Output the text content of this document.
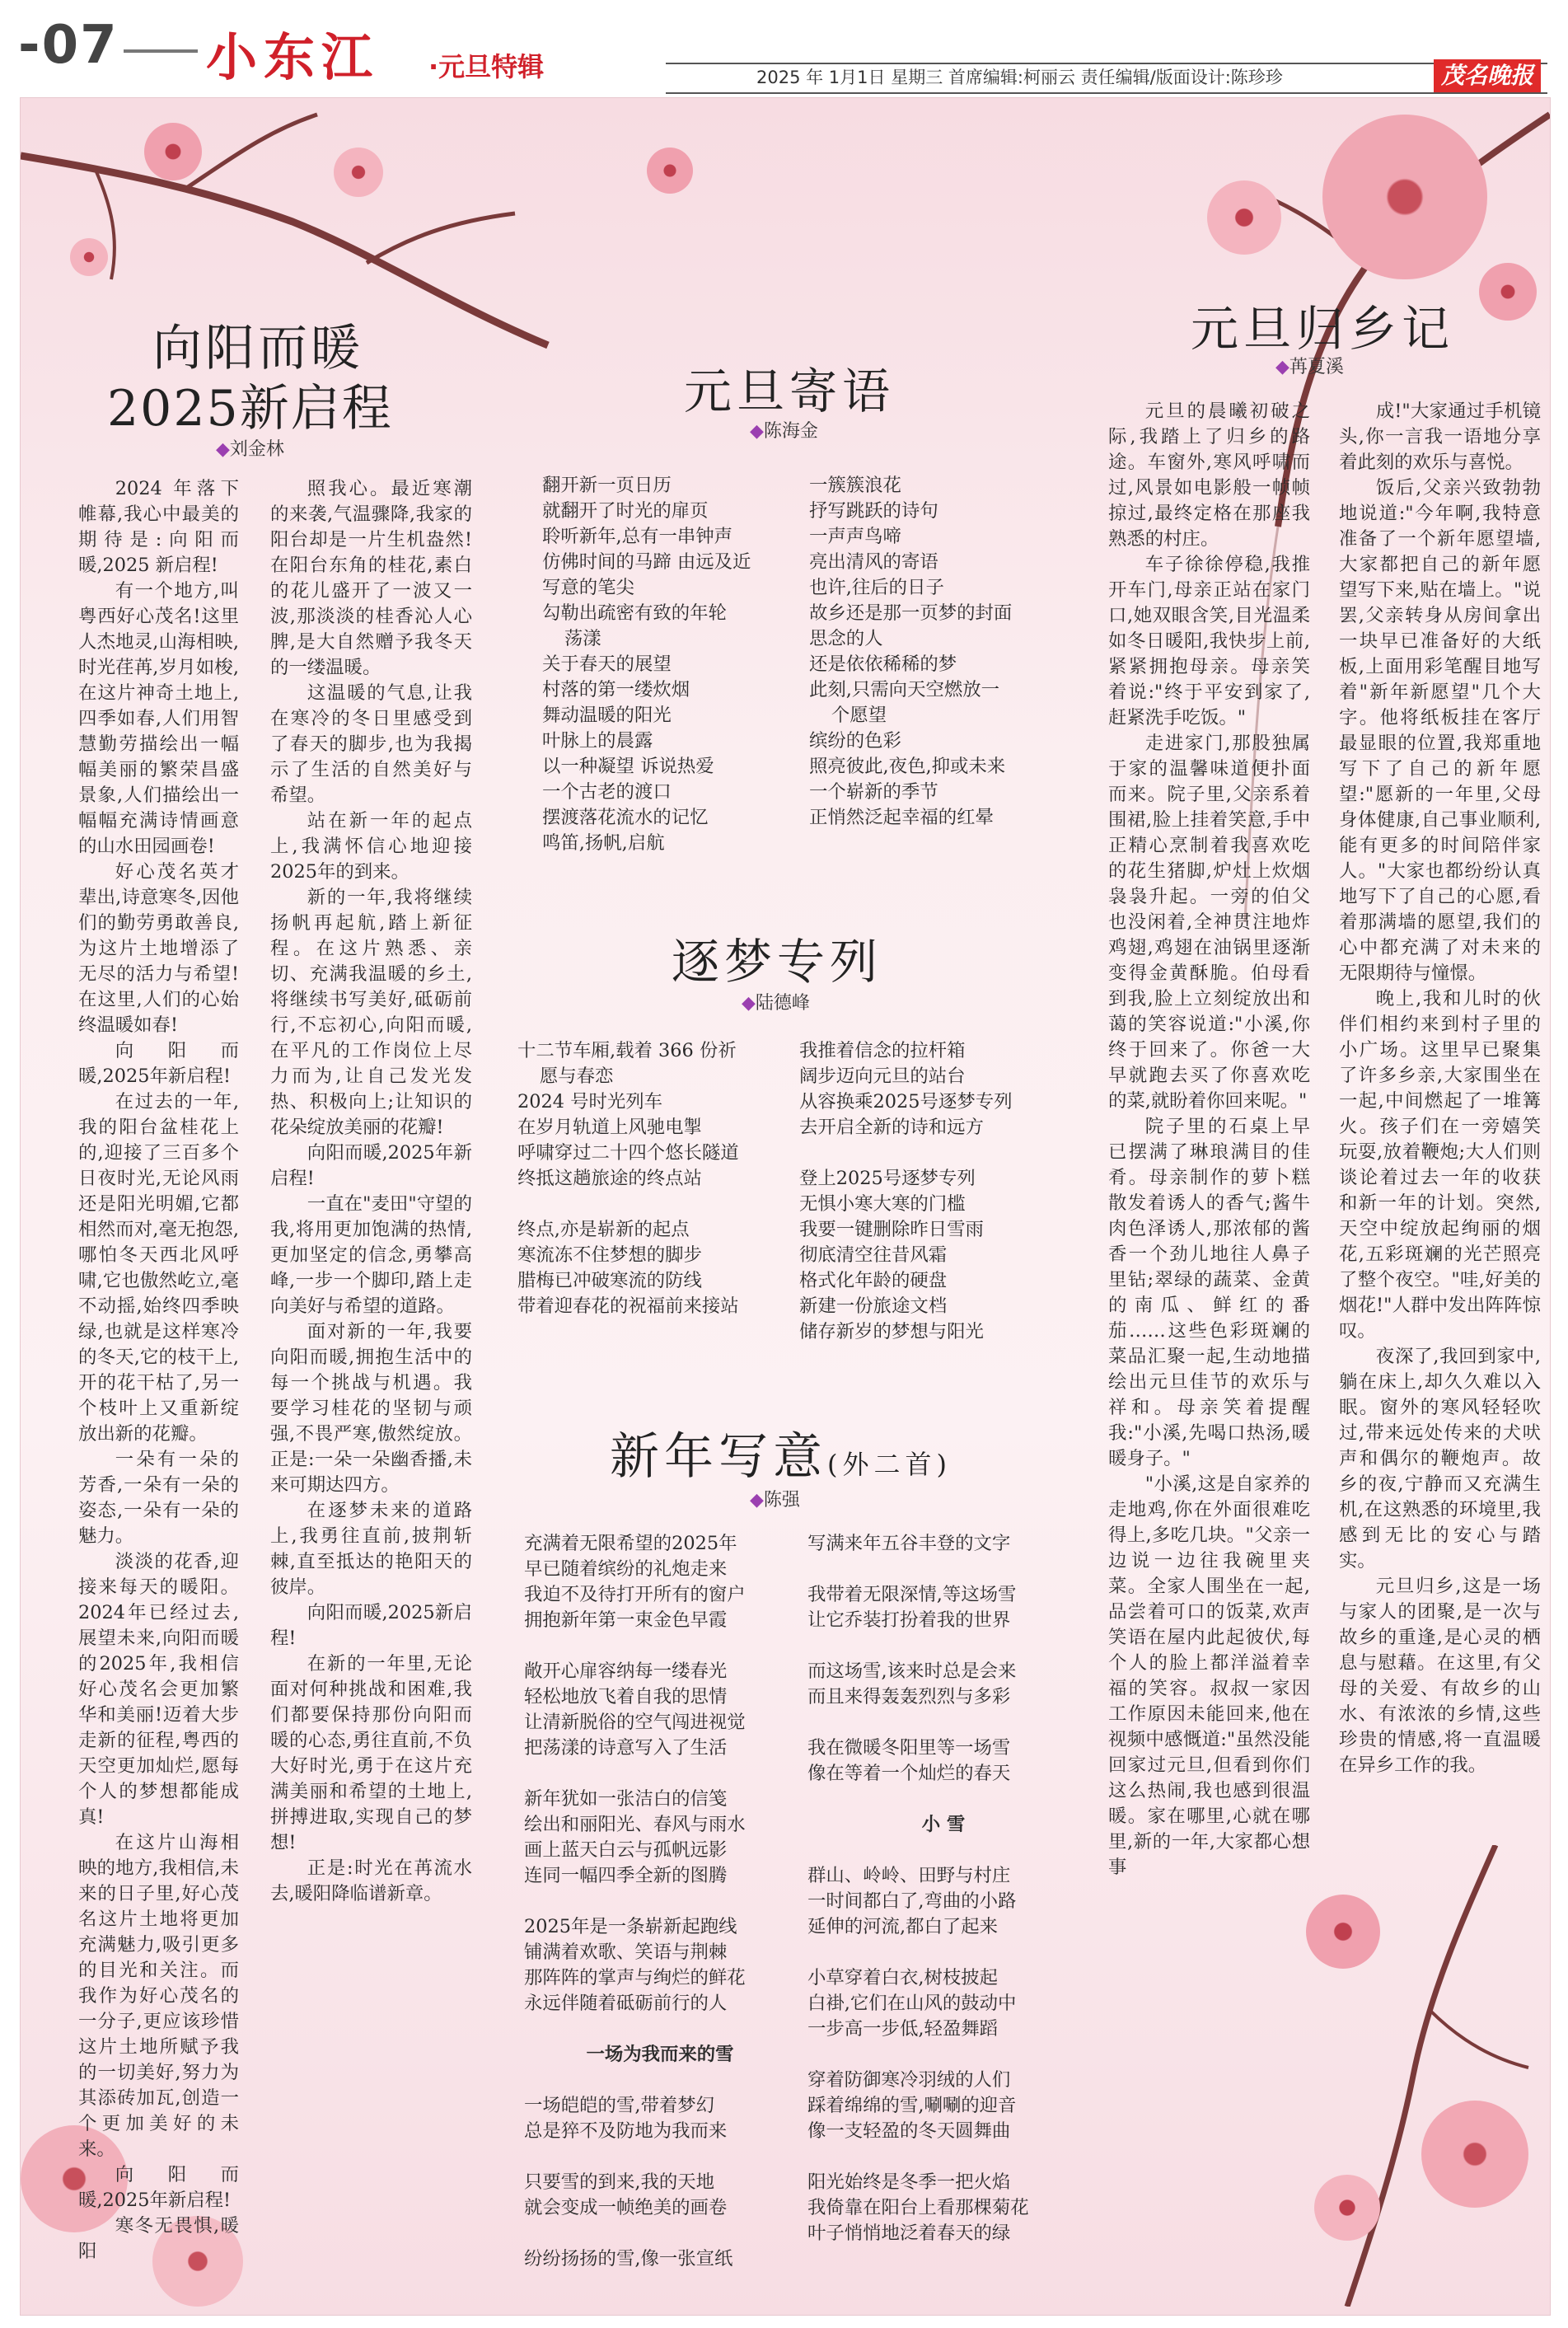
-07 小东江 ·元旦特辑	2025 年 1月1日 星期三 首席编辑:柯丽云 责任编辑/版面设计:陈珍珍	茂名晚报
向阳而暖
2025新启程
◆ 刘金林

2024 年落下帷幕,我心中最美的期待是:向阳而暖,2025 新启程!

有一个地方,叫粤西好心茂名!这里人杰地灵,山海相映,时光荏苒,岁月如梭,在这片神奇土地上,四季如春,人们用智慧勤劳描绘出一幅幅美丽的繁荣昌盛景象,人们描绘出一幅幅充满诗情画意的山水田园画卷!

好心茂名英才辈出,诗意寒冬,因他们的勤劳勇敢善良,为这片土地增添了无尽的活力与希望!在这里,人们的心始终温暖如春!

向阳而暖,2025年新启程!

在过去的一年,我的阳台盆桂花上的,迎接了三百多个日夜时光,无论风雨还是阳光明媚,它都相然而对,毫无抱怨,哪怕冬天西北风呼啸,它也傲然屹立,毫不动摇,始终四季映绿,也就是这样寒冷的冬天,它的枝干上,开的花干枯了,另一个枝叶上又重新绽放出新的花瓣。

一朵有一朵的芳香,一朵有一朵的姿态,一朵有一朵的魅力。

淡淡的花香,迎接来每天的暖阳。2024年已经过去,展望未来,向阳而暖的2025年,我相信好心茂名会更加繁华和美丽!迈着大步走新的征程,粤西的天空更加灿烂,愿每个人的梦想都能成真!

在这片山海相映的地方,我相信,未来的日子里,好心茂名这片土地将更加充满魅力,吸引更多的目光和关注。而我作为好心茂名的一分子,更应该珍惜这片土地所赋予我的一切美好,努力为其添砖加瓦,创造一个更加美好的未来。

向阳而暖,2025年新启程!

寒冬无畏惧,暖阳

照我心。最近寒潮的来袭,气温骤降,我家的阳台却是一片生机盎然!在阳台东角的桂花,素白的花儿盛开了一波又一波,那淡淡的桂香沁人心脾,是大自然赠予我冬天的一缕温暖。

这温暖的气息,让我在寒冷的冬日里感受到了春天的脚步,也为我揭示了生活的自然美好与希望。

站在新一年的起点上,我满怀信心地迎接2025年的到来。

新的一年,我将继续扬帆再起航,踏上新征程。在这片熟悉、亲切、充满我温暖的乡土,将继续书写美好,砥砺前行,不忘初心,向阳而暖,在平凡的工作岗位上尽力而为,让自己发光发热、积极向上;让知识的花朵绽放美丽的花瓣!

向阳而暖,2025年新启程!

一直在"麦田"守望的我,将用更加饱满的热情,更加坚定的信念,勇攀高峰,一步一个脚印,踏上走向美好与希望的道路。

面对新的一年,我要向阳而暖,拥抱生活中的每一个挑战与机遇。我要学习桂花的坚韧与顽强,不畏严寒,傲然绽放。正是:一朵一朵幽香播,未来可期达四方。

在逐梦未来的道路上,我勇往直前,披荆斩棘,直至抵达的艳阳天的彼岸。

向阳而暖,2025新启程!

在新的一年里,无论面对何种挑战和困难,我们都要保持那份向阳而暖的心态,勇往直前,不负大好时光,勇于在这片充满美丽和希望的土地上,拼搏进取,实现自己的梦想!

正是:时光在苒流水去,暖阳降临谱新章。

元旦寄语
◆ 陈海金
翻开新一页日历
就翻开了时光的扉页
聆听新年,总有一串钟声
仿佛时间的马蹄 由远及近
写意的笔尖
勾勒出疏密有致的年轮
荡漾
关于春天的展望
村落的第一缕炊烟
舞动温暖的阳光
叶脉上的晨露
以一种凝望 诉说热爱
一个古老的渡口
摆渡落花流水的记忆
鸣笛,扬帆,启航
一簇簇浪花
抒写跳跃的诗句
一声声鸟啼
亮出清风的寄语
也许,往后的日子
故乡还是那一页梦的封面
思念的人
还是依依稀稀的梦
此刻,只需向天空燃放一
个愿望
缤纷的色彩
照亮彼此,夜色,抑或未来
一个崭新的季节
正悄然泛起幸福的红晕
逐梦专列
◆ 陆德峰
十二节车厢,载着 366 份祈
愿与春恋
2024 号时光列车
在岁月轨道上风驰电掣
呼啸穿过二十四个悠长隧道
终抵这趟旅途的终点站
终点,亦是崭新的起点
寒流冻不住梦想的脚步
腊梅已冲破寒流的防线
带着迎春花的祝福前来接站
我推着信念的拉杆箱
阔步迈向元旦的站台
从容换乘2025号逐梦专列
去开启全新的诗和远方
登上2025号逐梦专列
无惧小寒大寒的门槛
我要一键删除昨日雪雨
彻底清空往昔风霜
格式化年龄的硬盘
新建一份旅途文档
储存新岁的梦想与阳光
新年写意(外二首)
◆ 陈强
充满着无限希望的2025年
早已随着缤纷的礼炮走来
我迫不及待打开所有的窗户
拥抱新年第一束金色早霞
敞开心扉容纳每一缕春光
轻松地放飞着自我的思情
让清新脱俗的空气闯进视觉
把荡漾的诗意写入了生活
新年犹如一张洁白的信笺
绘出和丽阳光、春风与雨水
画上蓝天白云与孤帆远影
连同一幅四季全新的图腾
2025年是一条崭新起跑线
铺满着欢歌、笑语与荆棘
那阵阵的掌声与绚烂的鲜花
永远伴随着砥砺前行的人
一场为我而来的雪
一场皑皑的雪,带着梦幻
总是猝不及防地为我而来
只要雪的到来,我的天地
就会变成一帧绝美的画卷
纷纷扬扬的雪,像一张宣纸
写满来年五谷丰登的文字
我带着无限深情,等这场雪
让它乔装打扮着我的世界
而这场雪,该来时总是会来
而且来得轰轰烈烈与多彩
我在微暖冬阳里等一场雪
像在等着一个灿烂的春天
小 雪
群山、岭岭、田野与村庄
一时间都白了,弯曲的小路
延伸的河流,都白了起来
小草穿着白衣,树枝披起
白褂,它们在山风的鼓动中
一步高一步低,轻盈舞蹈
穿着防御寒冷羽绒的人们
踩着绵绵的雪,唰唰的迎音
像一支轻盈的冬天圆舞曲
阳光始终是冬季一把火焰
我倚靠在阳台上看那棵菊花
叶子悄悄地泛着春天的绿
元旦归乡记
◆ 苒夏溪

元旦的晨曦初破之际,我踏上了归乡的路途。车窗外,寒风呼啸而过,风景如电影般一帧帧掠过,最终定格在那座我熟悉的村庄。

车子徐徐停稳,我推开车门,母亲正站在家门口,她双眼含笑,目光温柔如冬日暖阳,我快步上前,紧紧拥抱母亲。母亲笑着说:"终于平安到家了,赶紧洗手吃饭。"

走进家门,那股独属于家的温馨味道便扑面而来。院子里,父亲系着围裙,脸上挂着笑意,手中正精心烹制着我喜欢吃的花生猪脚,炉灶上炊烟袅袅升起。一旁的伯父也没闲着,全神贯注地炸鸡翅,鸡翅在油锅里逐渐变得金黄酥脆。伯母看到我,脸上立刻绽放出和蔼的笑容说道:"小溪,你终于回来了。你爸一大早就跑去买了你喜欢吃的菜,就盼着你回来呢。"

院子里的石桌上早已摆满了琳琅满目的佳肴。母亲制作的萝卜糕散发着诱人的香气;酱牛肉色泽诱人,那浓郁的酱香一个劲儿地往人鼻子里钻;翠绿的蔬菜、金黄的南瓜、鲜红的番茄……这些色彩斑斓的菜品汇聚一起,生动地描绘出元旦佳节的欢乐与祥和。母亲笑着提醒我:"小溪,先喝口热汤,暖暖身子。"

"小溪,这是自家养的走地鸡,你在外面很难吃得上,多吃几块。"父亲一边说一边往我碗里夹菜。全家人围坐在一起,品尝着可口的饭菜,欢声笑语在屋内此起彼伏,每个人的脸上都洋溢着幸福的笑容。叔叔一家因工作原因未能回来,他在视频中感慨道:"虽然没能回家过元旦,但看到你们这么热闹,我也感到很温暖。家在哪里,心就在哪里,新的一年,大家都心想事

成!"大家通过手机镜头,你一言我一语地分享着此刻的欢乐与喜悦。

饭后,父亲兴致勃勃地说道:"今年啊,我特意准备了一个新年愿望墙,大家都把自己的新年愿望写下来,贴在墙上。"说罢,父亲转身从房间拿出一块早已准备好的大纸板,上面用彩笔醒目地写着"新年新愿望"几个大字。他将纸板挂在客厅最显眼的位置,我郑重地写下了自己的新年愿望:"愿新的一年里,父母身体健康,自己事业顺利,能有更多的时间陪伴家人。"大家也都纷纷认真地写下了自己的心愿,看着那满墙的愿望,我们的心中都充满了对未来的无限期待与憧憬。

晚上,我和儿时的伙伴们相约来到村子里的小广场。这里早已聚集了许多乡亲,大家围坐在一起,中间燃起了一堆篝火。孩子们在一旁嬉笑玩耍,放着鞭炮;大人们则谈论着过去一年的收获和新一年的计划。突然,天空中绽放起绚丽的烟花,五彩斑斓的光芒照亮了整个夜空。"哇,好美的烟花!"人群中发出阵阵惊叹。

夜深了,我回到家中,躺在床上,却久久难以入眠。窗外的寒风轻轻吹过,带来远处传来的犬吠声和偶尔的鞭炮声。故乡的夜,宁静而又充满生机,在这熟悉的环境里,我感到无比的安心与踏实。

元旦归乡,这是一场与家人的团聚,是一次与故乡的重逢,是心灵的栖息与慰藉。在这里,有父母的关爱、有故乡的山水、有浓浓的乡情,这些珍贵的情感,将一直温暖在异乡工作的我。
